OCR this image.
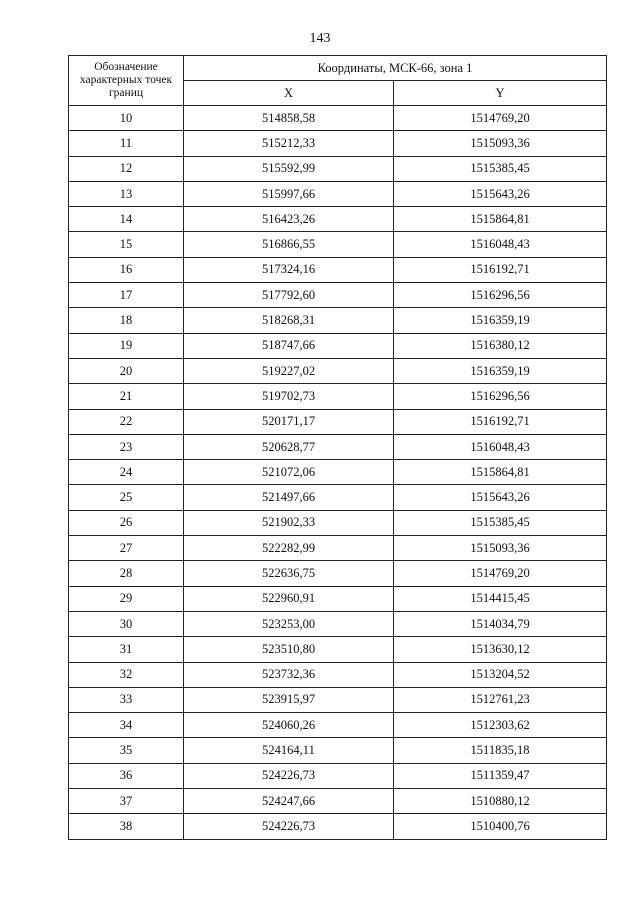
143
Обозначение характерных точек границ	Координаты, МСК-66, зона 1	
	X	Y
10	514858,58	1514769,20
11	515212,33	1515093,36
12	515592,99	1515385,45
13	515997,66	1515643,26
14	516423,26	1515864,81
15	516866,55	1516048,43
16	517324,16	1516192,71
17	517792,60	1516296,56
18	518268,31	1516359,19
19	518747,66	1516380,12
20	519227,02	1516359,19
21	519702,73	1516296,56
22	520171,17	1516192,71
23	520628,77	1516048,43
24	521072,06	1515864,81
25	521497,66	1515643,26
26	521902,33	1515385,45
27	522282,99	1515093,36
28	522636,75	1514769,20
29	522960,91	1514415,45
30	523253,00	1514034,79
31	523510,80	1513630,12
32	523732,36	1513204,52
33	523915,97	1512761,23
34	524060,26	1512303,62
35	524164,11	1511835,18
36	524226,73	1511359,47
37	524247,66	1510880,12
38	524226,73	1510400,76
